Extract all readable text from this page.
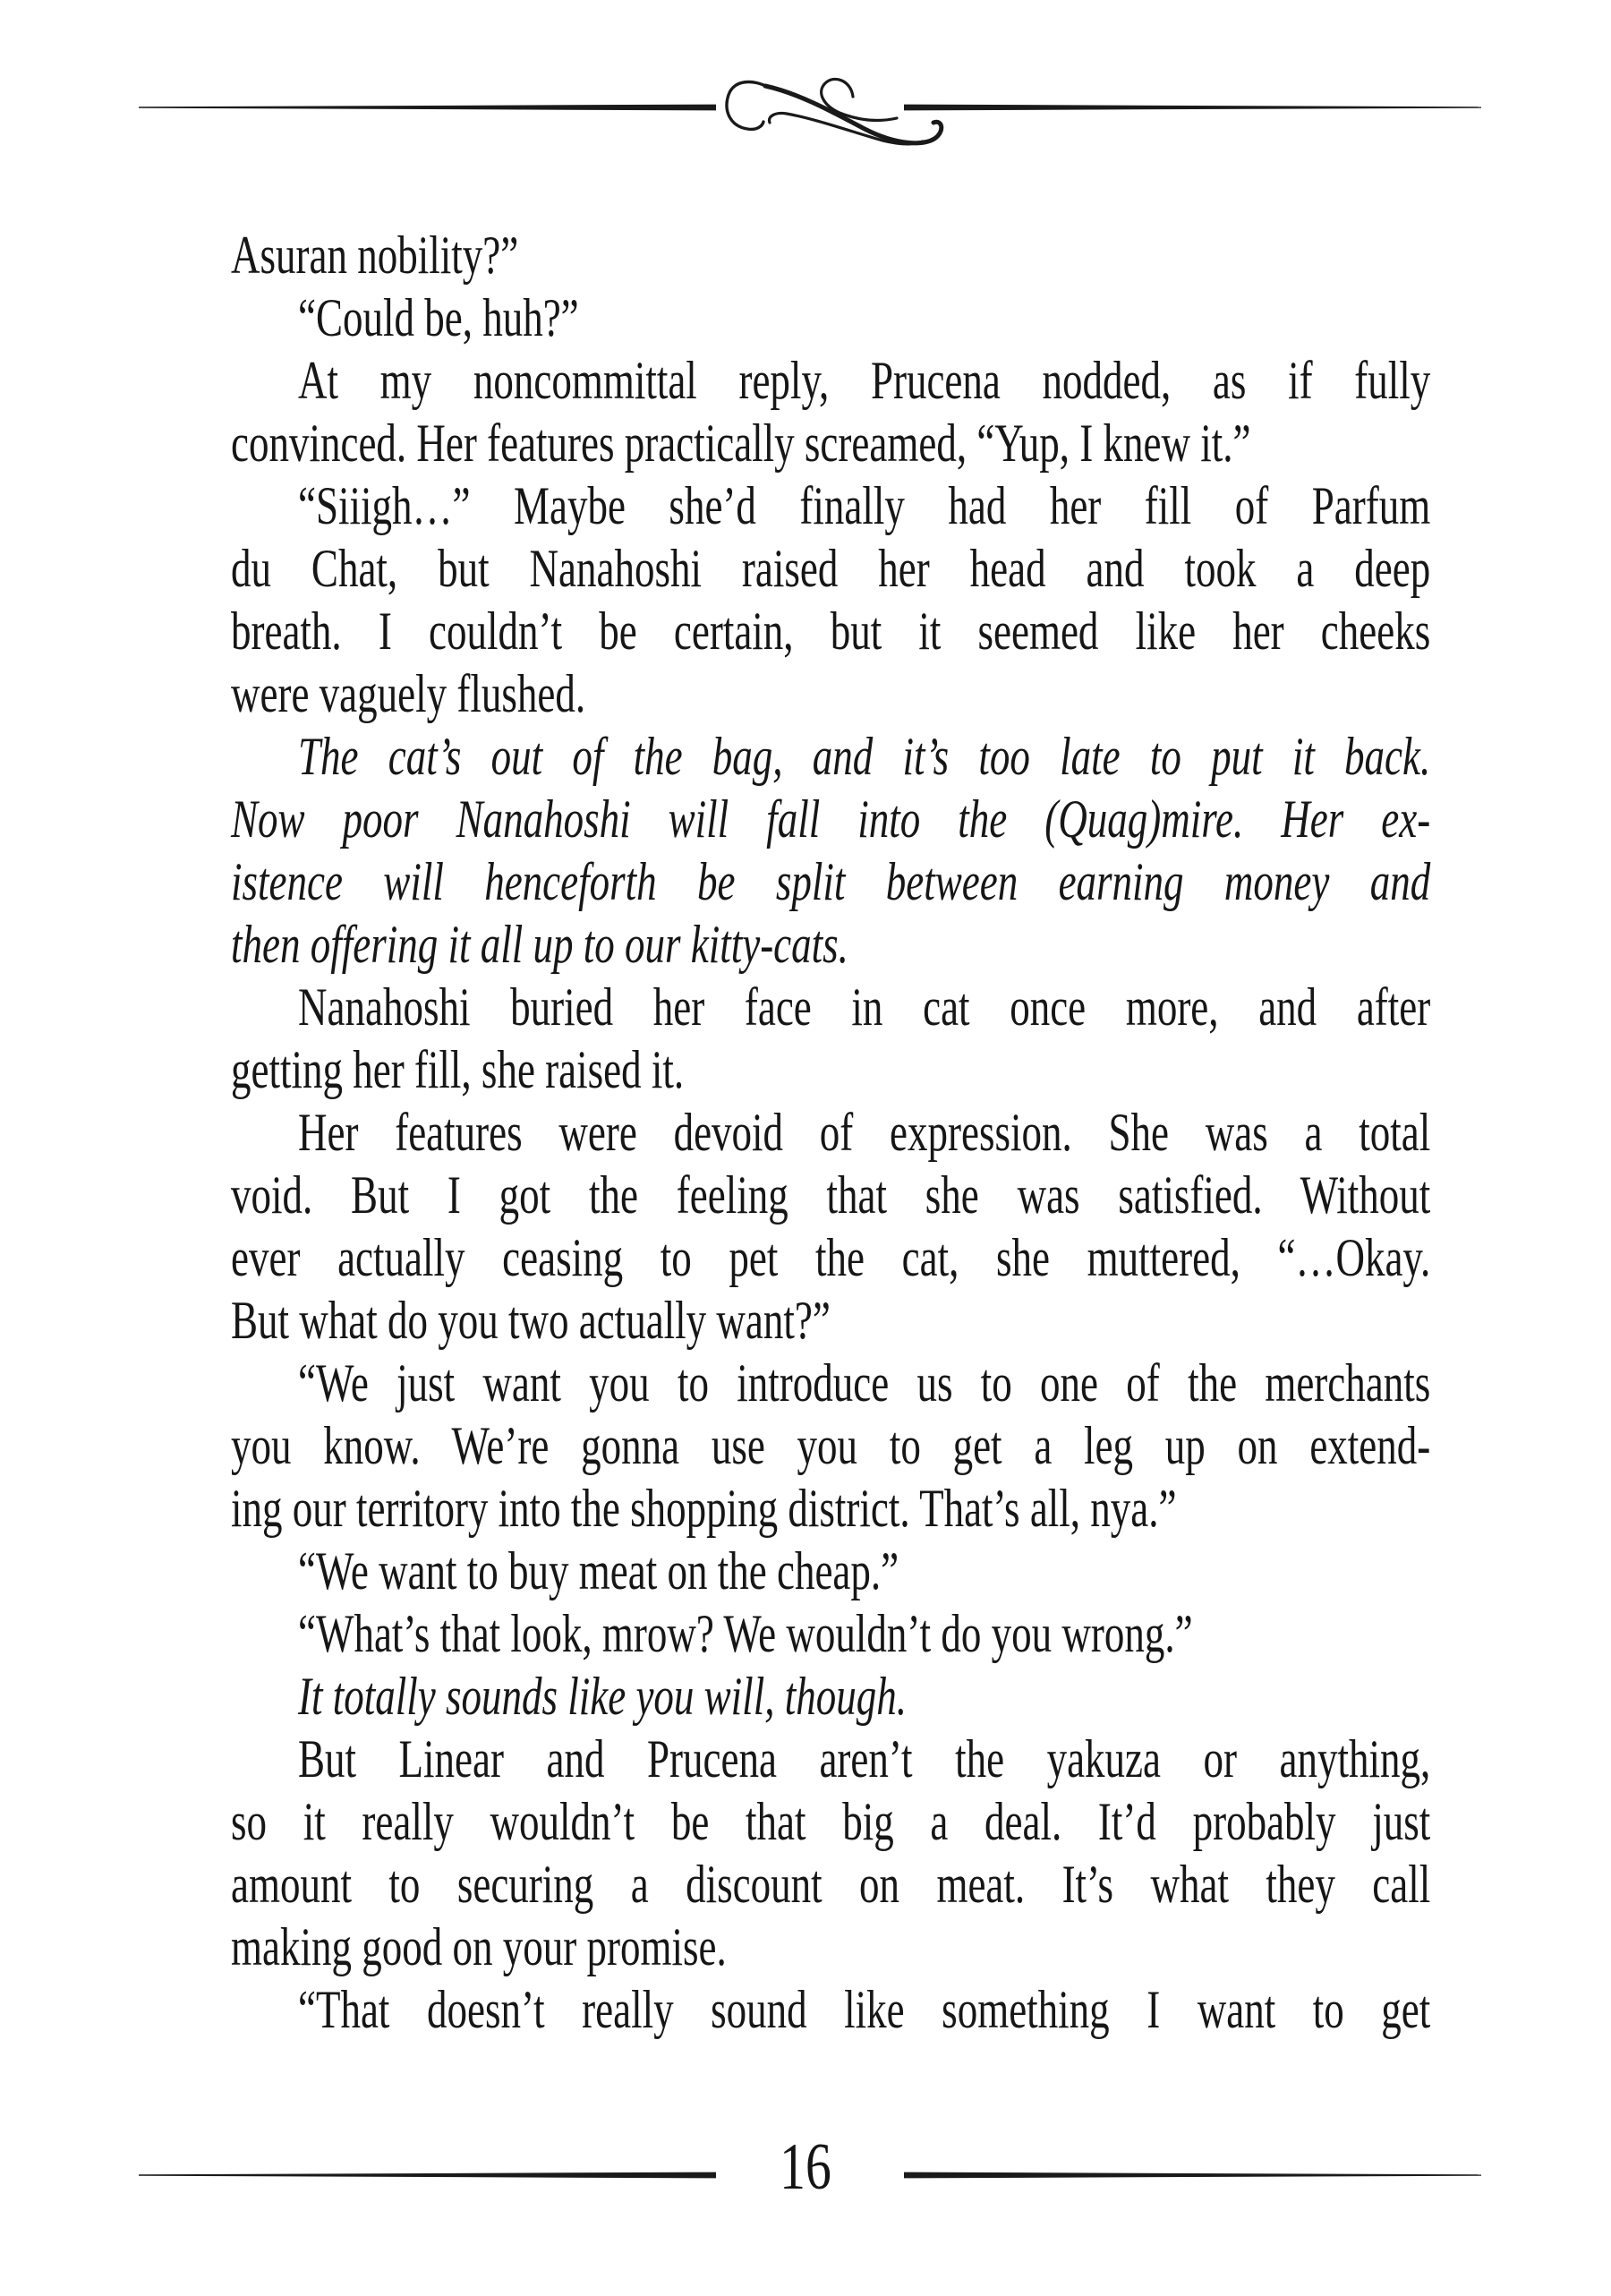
Asuran nobility?”
“Could be, huh?”
At my noncommittal reply, Prucena nodded, as if fully
convinced. Her features practically screamed, “Yup, I knew it.”
“Siiigh…” Maybe she’d finally had her fill of Parfum
du Chat, but Nanahoshi raised her head and took a deep
breath. I couldn’t be certain, but it seemed like her cheeks
were vaguely flushed.
The cat’s out of the bag, and it’s too late to put it back.
Now poor Nanahoshi will fall into the (Quag)mire. Her ex-
istence will henceforth be split between earning money and
then offering it all up to our kitty-cats.
Nanahoshi buried her face in cat once more, and after
getting her fill, she raised it.
Her features were devoid of expression. She was a total
void. But I got the feeling that she was satisfied. Without
ever actually ceasing to pet the cat, she muttered, “…Okay.
But what do you two actually want?”
“We just want you to introduce us to one of the merchants
you know. We’re gonna use you to get a leg up on extend-
ing our territory into the shopping district. That’s all, nya.”
“We want to buy meat on the cheap.”
“What’s that look, mrow? We wouldn’t do you wrong.”
It totally sounds like you will, though.
But Linear and Prucena aren’t the yakuza or anything,
so it really wouldn’t be that big a deal. It’d probably just
amount to securing a discount on meat. It’s what they call
making good on your promise.
“That doesn’t really sound like something I want to get
16
